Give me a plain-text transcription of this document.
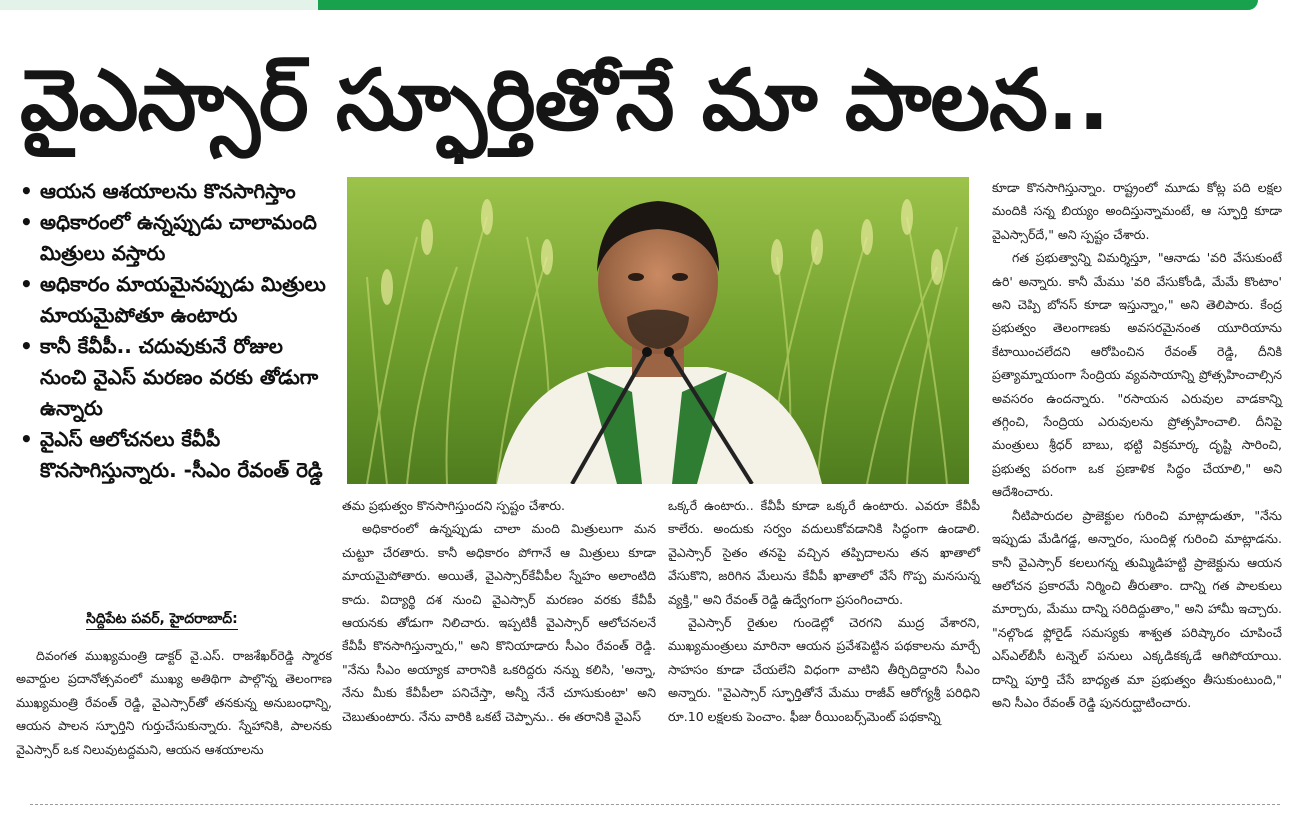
వైఎస్సార్ స్ఫూర్తితోనే మా పాలన..
• ఆయన ఆశయాలను కొనసాగిస్తాం
• అధికారంలో ఉన్నప్పుడు చాలామంది మిత్రులు వస్తారు
• అధికారం మాయమైనప్పుడు మిత్రులు మాయమైపోతూ ఉంటారు
• కానీ కేవీపీ.. చదువుకునే రోజుల నుంచి వైఎస్ మరణం వరకు తోడుగా ఉన్నారు
• వైఎస్ ఆలోచనలు కేవీపీ కొనసాగిస్తున్నారు. -సీఎం రేవంత్ రెడ్డి
సిద్దిపేట పవర్, హైదరాబాద్:

దివంగత ముఖ్యమంత్రి డాక్టర్ వై.ఎస్. రాజశేఖర్‌రెడ్డి స్మారక అవార్డుల ప్రదానోత్సవంలో ముఖ్య అతిథిగా పాల్గొన్న తెలంగాణ ముఖ్యమంత్రి రేవంత్ రెడ్డి, వైఎస్సార్‌తో తనకున్న అనుబంధాన్ని, ఆయన పాలన స్ఫూర్తిని గుర్తుచేసుకున్నారు. స్నేహానికి, పాలనకు వైఎస్సార్ ఒక నిలువుటద్దమని, ఆయన ఆశయాలను

తమ ప్రభుత్వం కొనసాగిస్తుందని స్పష్టం చేశారు.

అధికారంలో ఉన్నప్పుడు చాలా మంది మిత్రులుగా మన చుట్టూ చేరతారు. కానీ అధికారం పోగానే ఆ మిత్రులు కూడా మాయమైపోతారు. అయితే, వైఎస్సార్‌కేవీపీల స్నేహం అలాంటిది కాదు. విద్యార్థి దశ నుంచి వైఎస్సార్ మరణం వరకు కేవీపీ ఆయనకు తోడుగా నిలిచారు. ఇప్పటికీ వైఎస్సార్ ఆలోచనలనే కేవీపీ కొనసాగిస్తున్నారు," అని కొనియాడారు సీఎం రేవంత్ రెడ్డి. "నేను సీఎం అయ్యాక వారానికి ఒకరిద్దరు నన్ను కలిసి, 'అన్నా, నేను మీకు కేవీపీలా పనిచేస్తా, అన్నీ నేనే చూసుకుంటా' అని చెబుతుంటారు. నేను వారికి ఒకటే చెప్పాను.. ఈ తరానికి వైఎస్

ఒక్కరే ఉంటారు.. కేవీపీ కూడా ఒక్కరే ఉంటారు. ఎవరూ కేవీపీ కాలేరు. అందుకు సర్వం వదులుకోవడానికి సిద్ధంగా ఉండాలి. వైఎస్సార్ సైతం తనపై వచ్చిన తప్పిదాలను తన ఖాతాలో వేసుకొని, జరిగిన మేలును కేవీపీ ఖాతాలో వేసే గొప్ప మనసున్న వ్యక్తి," అని రేవంత్ రెడ్డి ఉద్వేగంగా ప్రసంగించారు.

వైఎస్సార్ రైతుల గుండెల్లో చెరగని ముద్ర వేశారని, ముఖ్యమంత్రులు మారినా ఆయన ప్రవేశపెట్టిన పథకాలను మార్చే సాహసం కూడా చేయలేని విధంగా వాటిని తీర్చిదిద్దారని సీఎం అన్నారు. "వైఎస్సార్ స్ఫూర్తితోనే మేము రాజీవ్ ఆరోగ్యశ్రీ పరిధిని రూ.10 లక్షలకు పెంచాం. ఫీజు రీయింబర్స్‌మెంట్ పథకాన్ని

కూడా కొనసాగిస్తున్నాం. రాష్ట్రంలో మూడు కోట్ల పది లక్షల మందికి సన్న బియ్యం అందిస్తున్నామంటే, ఆ స్ఫూర్తి కూడా వైఎస్సార్‌దే," అని స్పష్టం చేశారు.

గత ప్రభుత్వాన్ని విమర్శిస్తూ, "ఆనాడు 'వరి వేసుకుంటే ఉరి' అన్నారు. కానీ మేము 'వరి వేసుకోండి, మేమే కొంటాం' అని చెప్పి బోనస్ కూడా ఇస్తున్నాం," అని తెలిపారు. కేంద్ర ప్రభుత్వం తెలంగాణకు అవసరమైనంత యూరియాను కేటాయించలేదని ఆరోపించిన రేవంత్ రెడ్డి, దీనికి ప్రత్యామ్నాయంగా సేంద్రియ వ్యవసాయాన్ని ప్రోత్సహించాల్సిన అవసరం ఉందన్నారు. "రసాయన ఎరువుల వాడకాన్ని తగ్గించి, సేంద్రియ ఎరువులను ప్రోత్సహించాలి. దీనిపై మంత్రులు శ్రీధర్ బాబు, భట్టి విక్రమార్క దృష్టి సారించి, ప్రభుత్వ పరంగా ఒక ప్రణాళిక సిద్ధం చేయాలి," అని ఆదేశించారు.

నీటిపారుదల ప్రాజెక్టుల గురించి మాట్లాడుతూ, "నేను ఇప్పుడు మేడిగడ్డ, అన్నారం, సుందిళ్ల గురించి మాట్లాడను. కానీ వైఎస్సార్ కలలుగన్న తుమ్మిడిహట్టి ప్రాజెక్టును ఆయన ఆలోచన ప్రకారమే నిర్మించి తీరుతాం. దాన్ని గత పాలకులు మార్చారు, మేము దాన్ని సరిదిద్దుతాం," అని హామీ ఇచ్చారు. "నల్గొండ ఫ్లోరైడ్ సమస్యకు శాశ్వత పరిష్కారం చూపించే ఎస్ఎల్‌బీసీ టన్నెల్ పనులు ఎక్కడికక్కడే ఆగిపోయాయి. దాన్ని పూర్తి చేసే బాధ్యత మా ప్రభుత్వం తీసుకుంటుంది," అని సీఎం రేవంత్ రెడ్డి పునరుద్ఘాటించారు.
